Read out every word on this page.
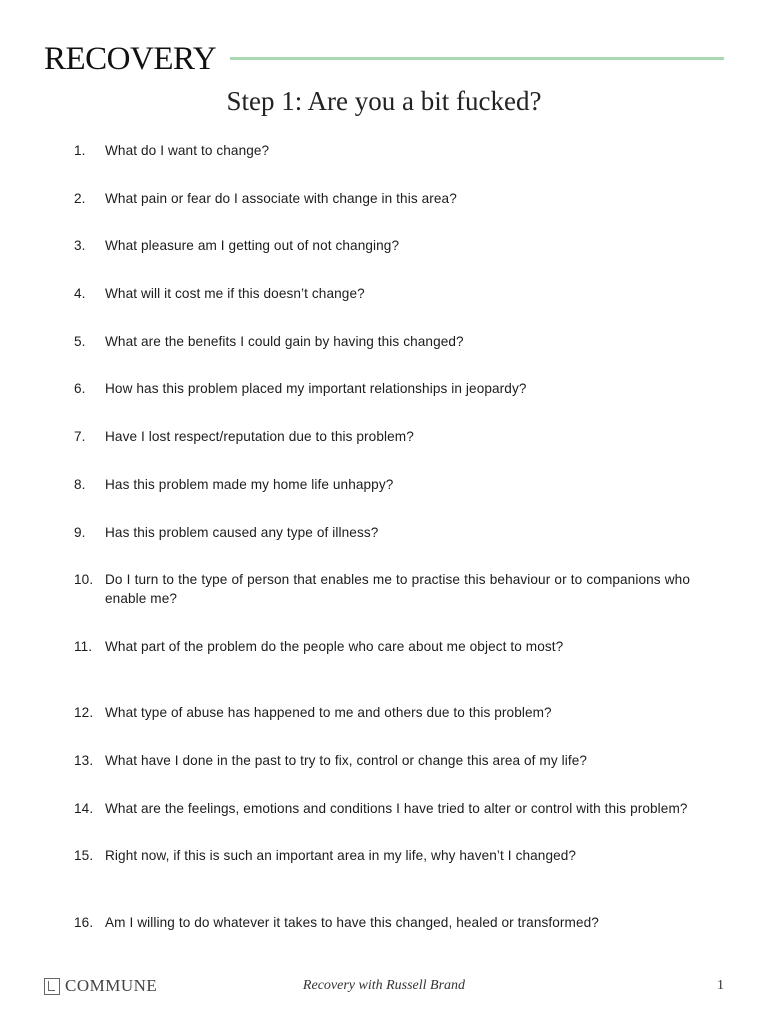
RECOVERY
Step 1: Are you a bit fucked?
1.	What do I want to change?
2.	What pain or fear do I associate with change in this area?
3.	What pleasure am I getting out of not changing?
4.	What will it cost me if this doesn’t change?
5.	What are the benefits I could gain by having this changed?
6.	How has this problem placed my important relationships in jeopardy?
7.	Have I lost respect/reputation due to this problem?
8.	Has this problem made my home life unhappy?
9.	Has this problem caused any type of illness?
10. Do I turn to the type of person that enables me to practise this behaviour or to companions who enable me?
11. What part of the problem do the people who care about me object to most?
12. What type of abuse has happened to me and others due to this problem?
13. What have I done in the past to try to fix, control or change this area of my life?
14. What are the feelings, emotions and conditions I have tried to alter or control with this problem?
15. Right now, if this is such an important area in my life, why haven’t I changed?
16. Am I willing to do whatever it takes to have this changed, healed or transformed?
COMMUNE	Recovery with Russell Brand	1
